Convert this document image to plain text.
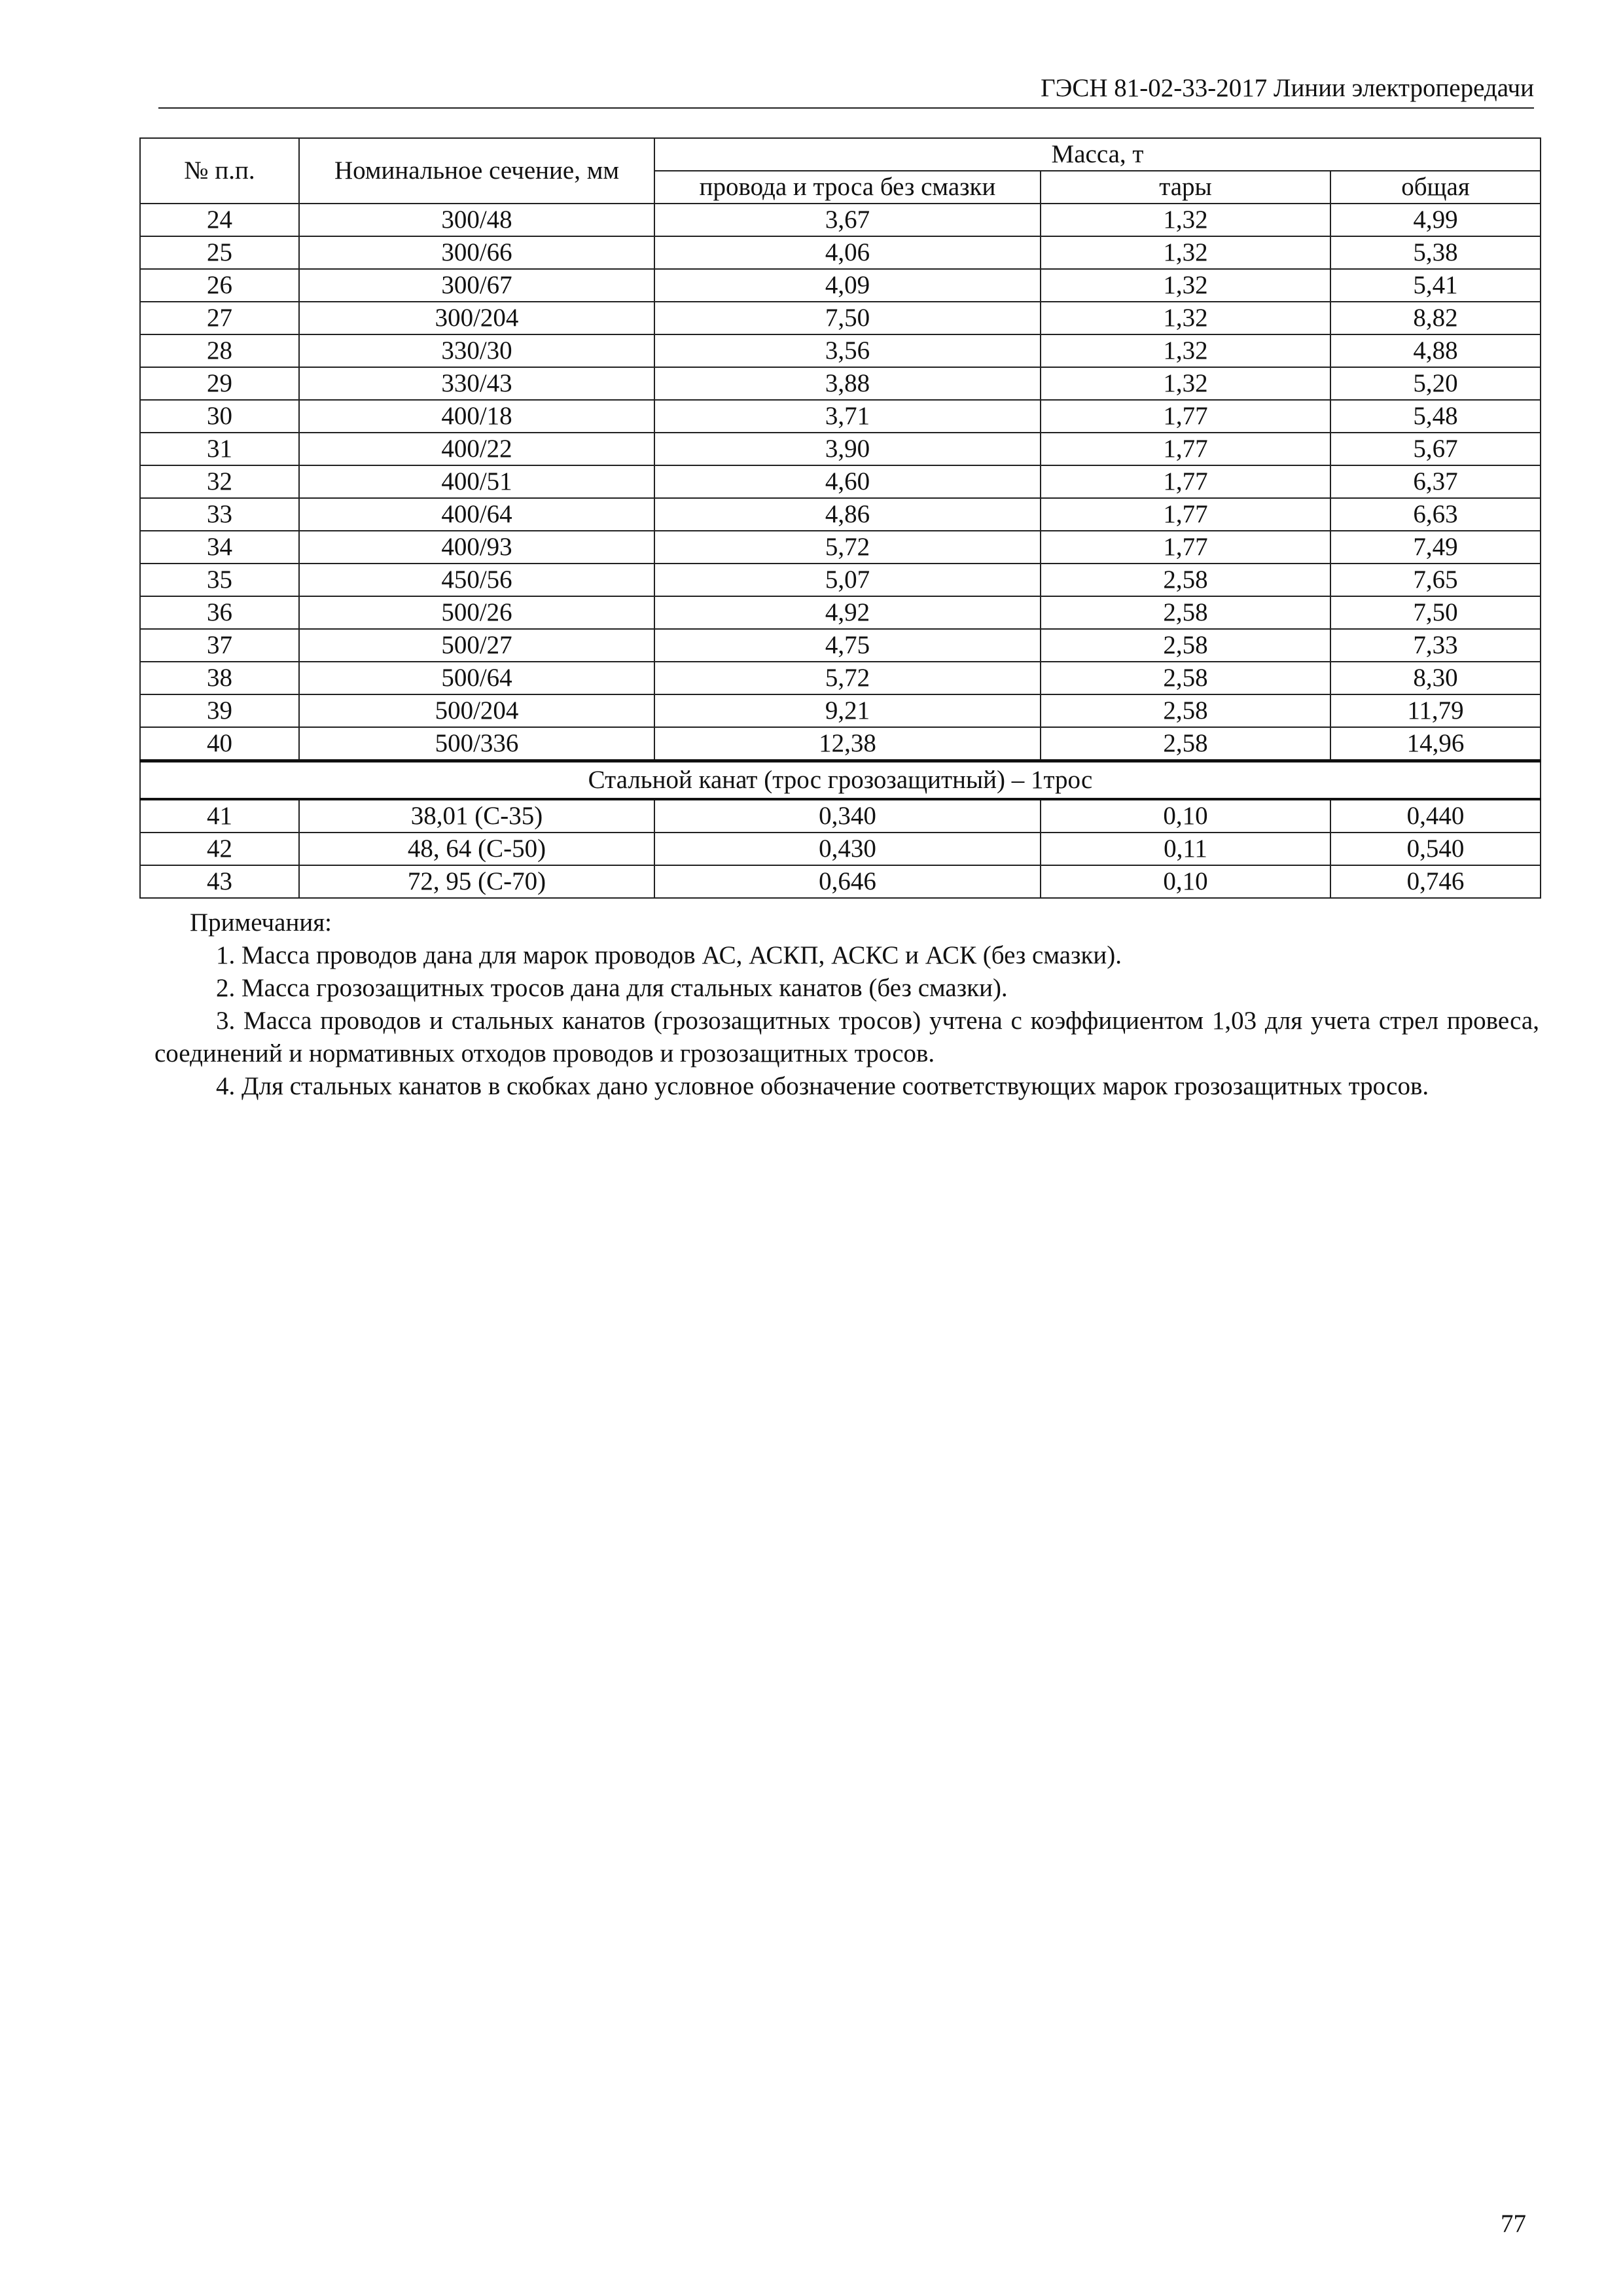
ГЭСН 81-02-33-2017 Линии электропередачи
№ п.п.	Номинальное сечение, мм	Масса, т		
		провода и троса без смазки	тары	общая
24	300/48	3,67	1,32	4,99
25	300/66	4,06	1,32	5,38
26	300/67	4,09	1,32	5,41
27	300/204	7,50	1,32	8,82
28	330/30	3,56	1,32	4,88
29	330/43	3,88	1,32	5,20
30	400/18	3,71	1,77	5,48
31	400/22	3,90	1,77	5,67
32	400/51	4,60	1,77	6,37
33	400/64	4,86	1,77	6,63
34	400/93	5,72	1,77	7,49
35	450/56	5,07	2,58	7,65
36	500/26	4,92	2,58	7,50
37	500/27	4,75	2,58	7,33
38	500/64	5,72	2,58	8,30
39	500/204	9,21	2,58	11,79
40	500/336	12,38	2,58	14,96
Стальной канат (трос грозозащитный) – 1трос				
41	38,01 (С-35)	0,340	0,10	0,440
42	48, 64 (С-50)	0,430	0,11	0,540
43	72, 95 (С-70)	0,646	0,10	0,746

Примечания:

1. Масса проводов дана для марок проводов АС, АСКП, АСКС и АСК (без смазки).

2. Масса грозозащитных тросов дана для стальных канатов (без смазки).

3. Масса проводов и стальных канатов (грозозащитных тросов) учтена с коэффициентом 1,03 для учета стрел провеса, соединений и нормативных отходов проводов и грозозащитных тросов.

4. Для стальных канатов в скобках дано условное обозначение соответствующих марок грозозащитных тросов.

77
